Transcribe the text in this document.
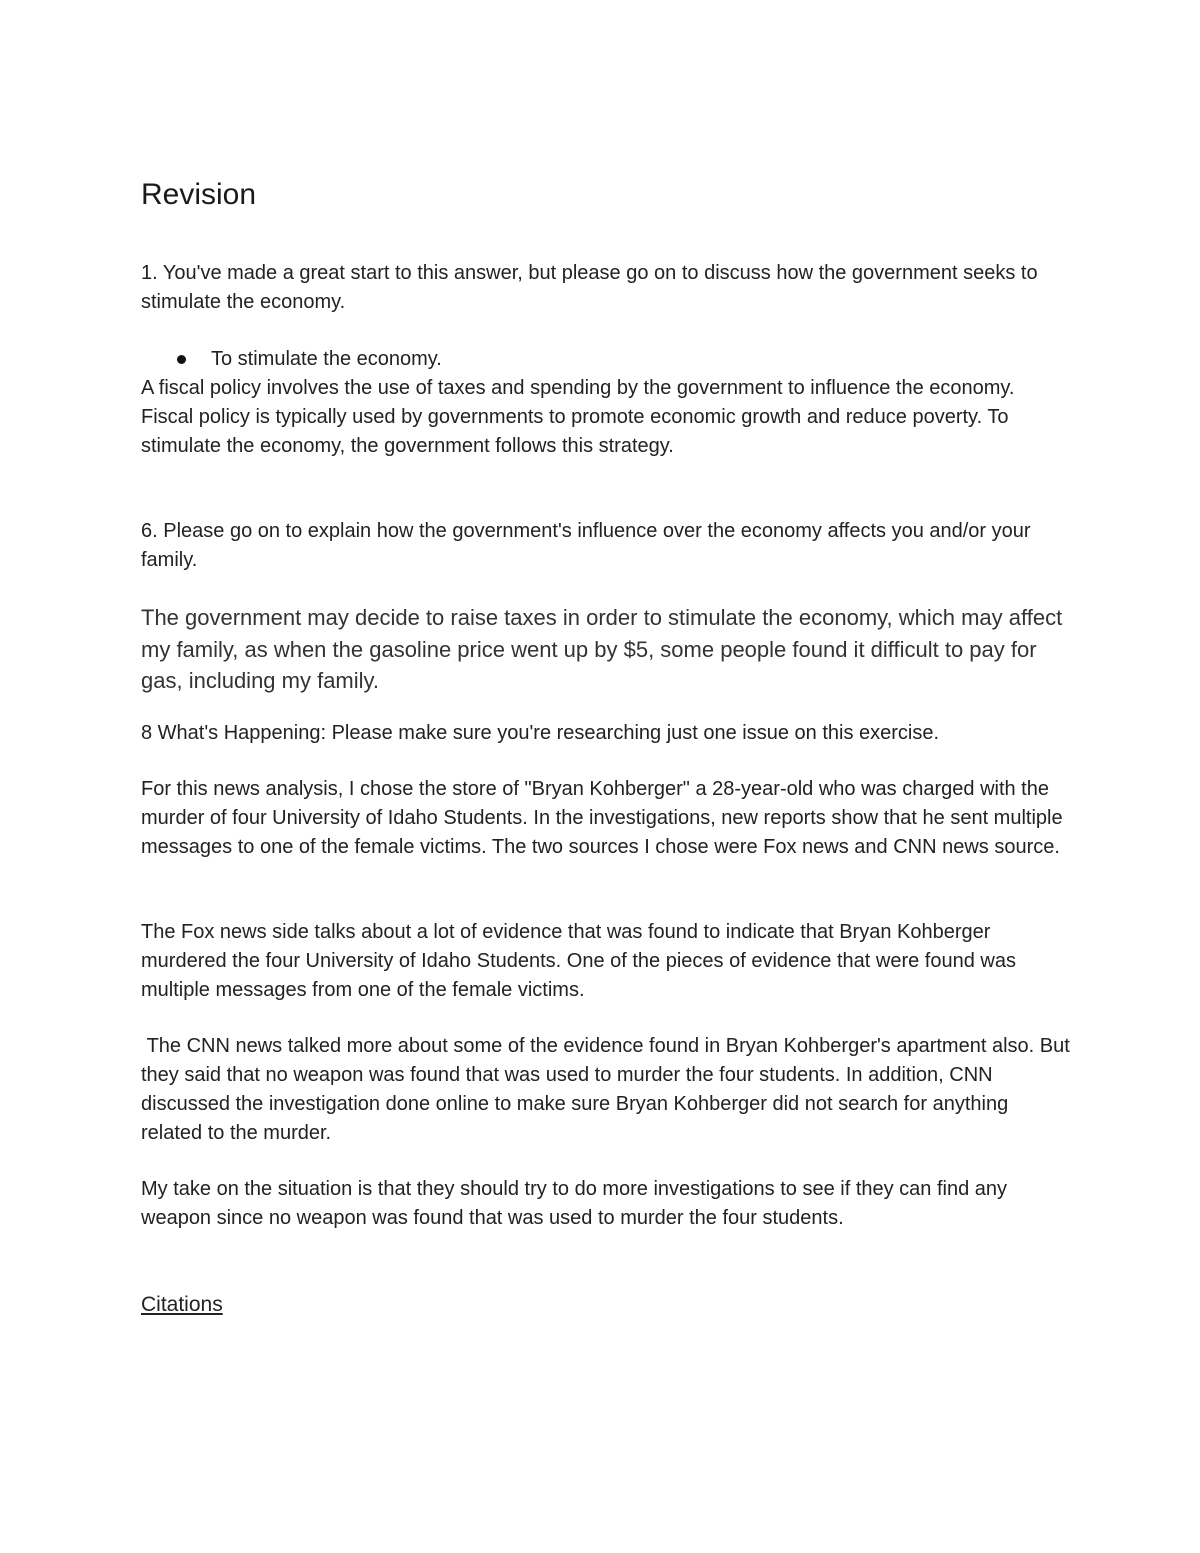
Revision

1. You've made a great start to this answer, but please go on to discuss how the government seeks to stimulate the economy.

To stimulate the economy.

A fiscal policy involves the use of taxes and spending by the government to influence the economy. Fiscal policy is typically used by governments to promote economic growth and reduce poverty. To stimulate the economy, the government follows this strategy.

6. Please go on to explain how the government's influence over the economy affects you and/or your family.

The government may decide to raise taxes in order to stimulate the economy, which may affect my family, as when the gasoline price went up by $5, some people found it difficult to pay for gas, including my family.

8 What's Happening: Please make sure you're researching just one issue on this exercise.

For this news analysis, I chose the store of "Bryan Kohberger" a 28-year-old who was charged with the murder of four University of Idaho Students. In the investigations, new reports show that he sent multiple messages to one of the female victims. The two sources I chose were Fox news and CNN news source.

The Fox news side talks about a lot of evidence that was found to indicate that Bryan Kohberger murdered the four University of Idaho Students. One of the pieces of evidence that were found was multiple messages from one of the female victims.

The CNN news talked more about some of the evidence found in Bryan Kohberger's apartment also. But they said that no weapon was found that was used to murder the four students. In addition, CNN discussed the investigation done online to make sure Bryan Kohberger did not search for anything related to the murder.

My take on the situation is that they should try to do more investigations to see if they can find any weapon since no weapon was found that was used to murder the four students.

Citations
